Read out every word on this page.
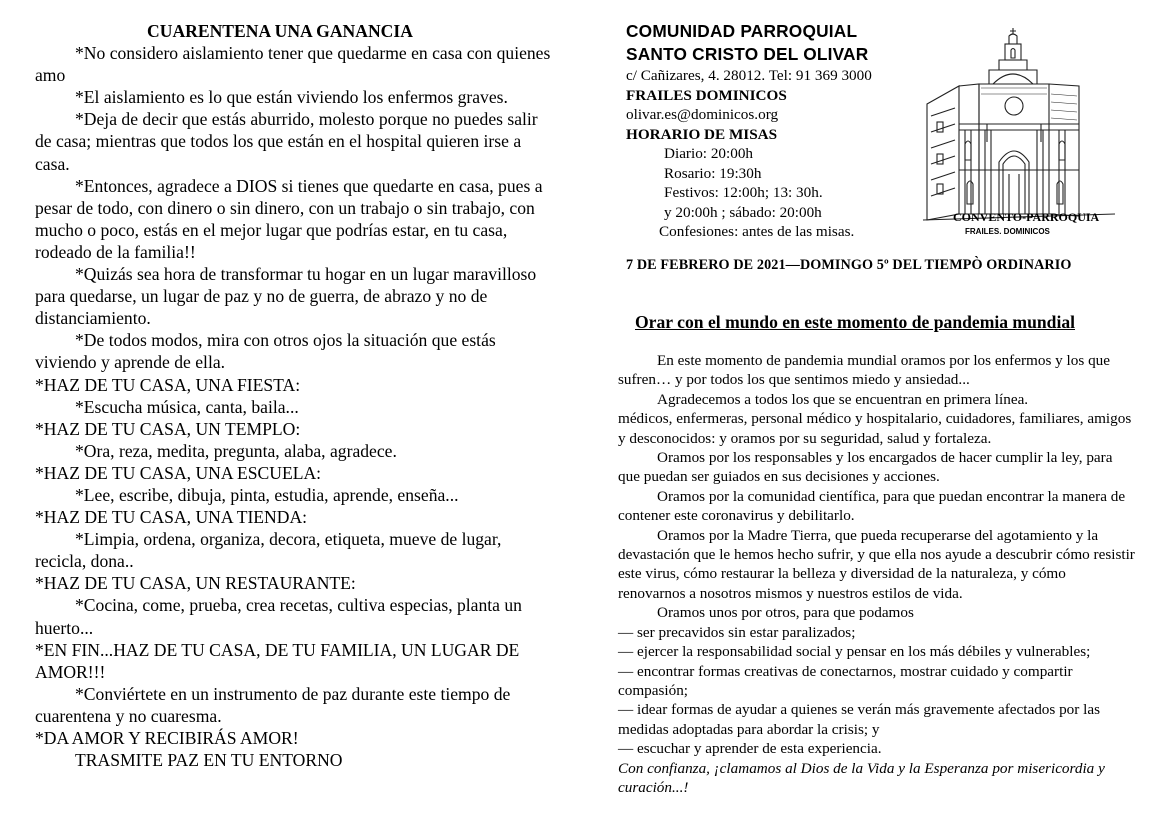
CUARENTENA UNA GANANCIA

*No considero aislamiento tener que quedarme en casa con quienes amo

*El aislamiento es lo que están viviendo los enfermos graves.

*Deja de decir que estás aburrido, molesto porque no puedes salir de casa; mientras que todos los que están en el hospital quieren irse a casa.

*Entonces, agradece a DIOS si tienes que quedarte en casa, pues a pesar de todo, con dinero o sin dinero, con un trabajo o sin trabajo, con mucho o poco, estás en el mejor lugar que podrías estar, en tu casa, rodeado de la familia!!

*Quizás sea hora de transformar tu hogar en un lugar maravilloso para quedarse, un lugar de paz y no de guerra, de abrazo y no de distanciamiento.

*De todos modos, mira con otros ojos la situación que estás viviendo y aprende de ella.

*HAZ DE TU CASA, UNA FIESTA:

*Escucha música, canta, baila...

*HAZ DE TU CASA, UN TEMPLO:

*Ora, reza, medita, pregunta, alaba, agradece.

*HAZ DE TU CASA, UNA ESCUELA:

*Lee, escribe, dibuja, pinta, estudia, aprende, enseña...

*HAZ DE TU CASA, UNA TIENDA:

*Limpia, ordena, organiza, decora, etiqueta, mueve de lugar, recicla, dona..

*HAZ DE TU CASA, UN RESTAURANTE:

*Cocina, come, prueba, crea recetas, cultiva especias, planta un huerto...

*EN FIN...HAZ DE TU CASA, DE TU FAMILIA, UN LUGAR DE AMOR!!!

*Conviértete en un instrumento de paz durante este tiempo de cuarentena y no cuaresma.

*DA AMOR Y RECIBIRÁS AMOR!

TRASMITE PAZ EN TU ENTORNO

COMUNIDAD PARROQUIAL
SANTO CRISTO DEL OLIVAR
c/ Cañizares, 4. 28012. Tel: 91 369 3000
FRAILES DOMINICOS
olivar.es@dominicos.org
HORARIO DE MISAS
Diario: 20:00h
Rosario: 19:30h
Festivos: 12:00h; 13: 30h.
y 20:00h ; sábado: 20:00h
Confesiones: antes de las misas.
CONVENTO-PARROQUIA
FRAILES. DOMINICOS
7 DE FEBRERO DE 2021—DOMINGO 5º DEL TIEMPÒ ORDINARIO
Orar con el mundo en este momento de pandemia mundial

En este momento de pandemia mundial oramos por los enfermos y los que sufren… y por todos los que sentimos miedo y ansiedad...

Agradecemos a todos los que se encuentran en primera línea.

médicos, enfermeras, personal médico y hospitalario, cuidadores, familiares, amigos y desconocidos: y oramos por su seguridad, salud y fortaleza.

Oramos por los responsables y los encargados de hacer cumplir la ley, para que puedan ser guiados en sus decisiones y acciones.

Oramos por la comunidad científica, para que puedan encontrar la manera de contener este coronavirus y debilitarlo.

Oramos por la Madre Tierra, que pueda recuperarse del agotamiento y la devastación que le hemos hecho sufrir, y que ella nos ayude a descubrir cómo resistir este virus, cómo restaurar la belleza y diversidad de la naturaleza, y cómo renovarnos a nosotros mismos y nuestros estilos de vida.

Oramos unos por otros, para que podamos

— ser precavidos sin estar paralizados;

— ejercer la responsabilidad social y pensar en los más débiles y vulnerables;

— encontrar formas creativas de conectarnos, mostrar cuidado y compartir compasión;

— idear formas de ayudar a quienes se verán más gravemente afectados por las medidas adoptadas para abordar la crisis; y

— escuchar y aprender de esta experiencia.

Con confianza, ¡clamamos al Dios de la Vida y la Esperanza por misericordia y curación...!
